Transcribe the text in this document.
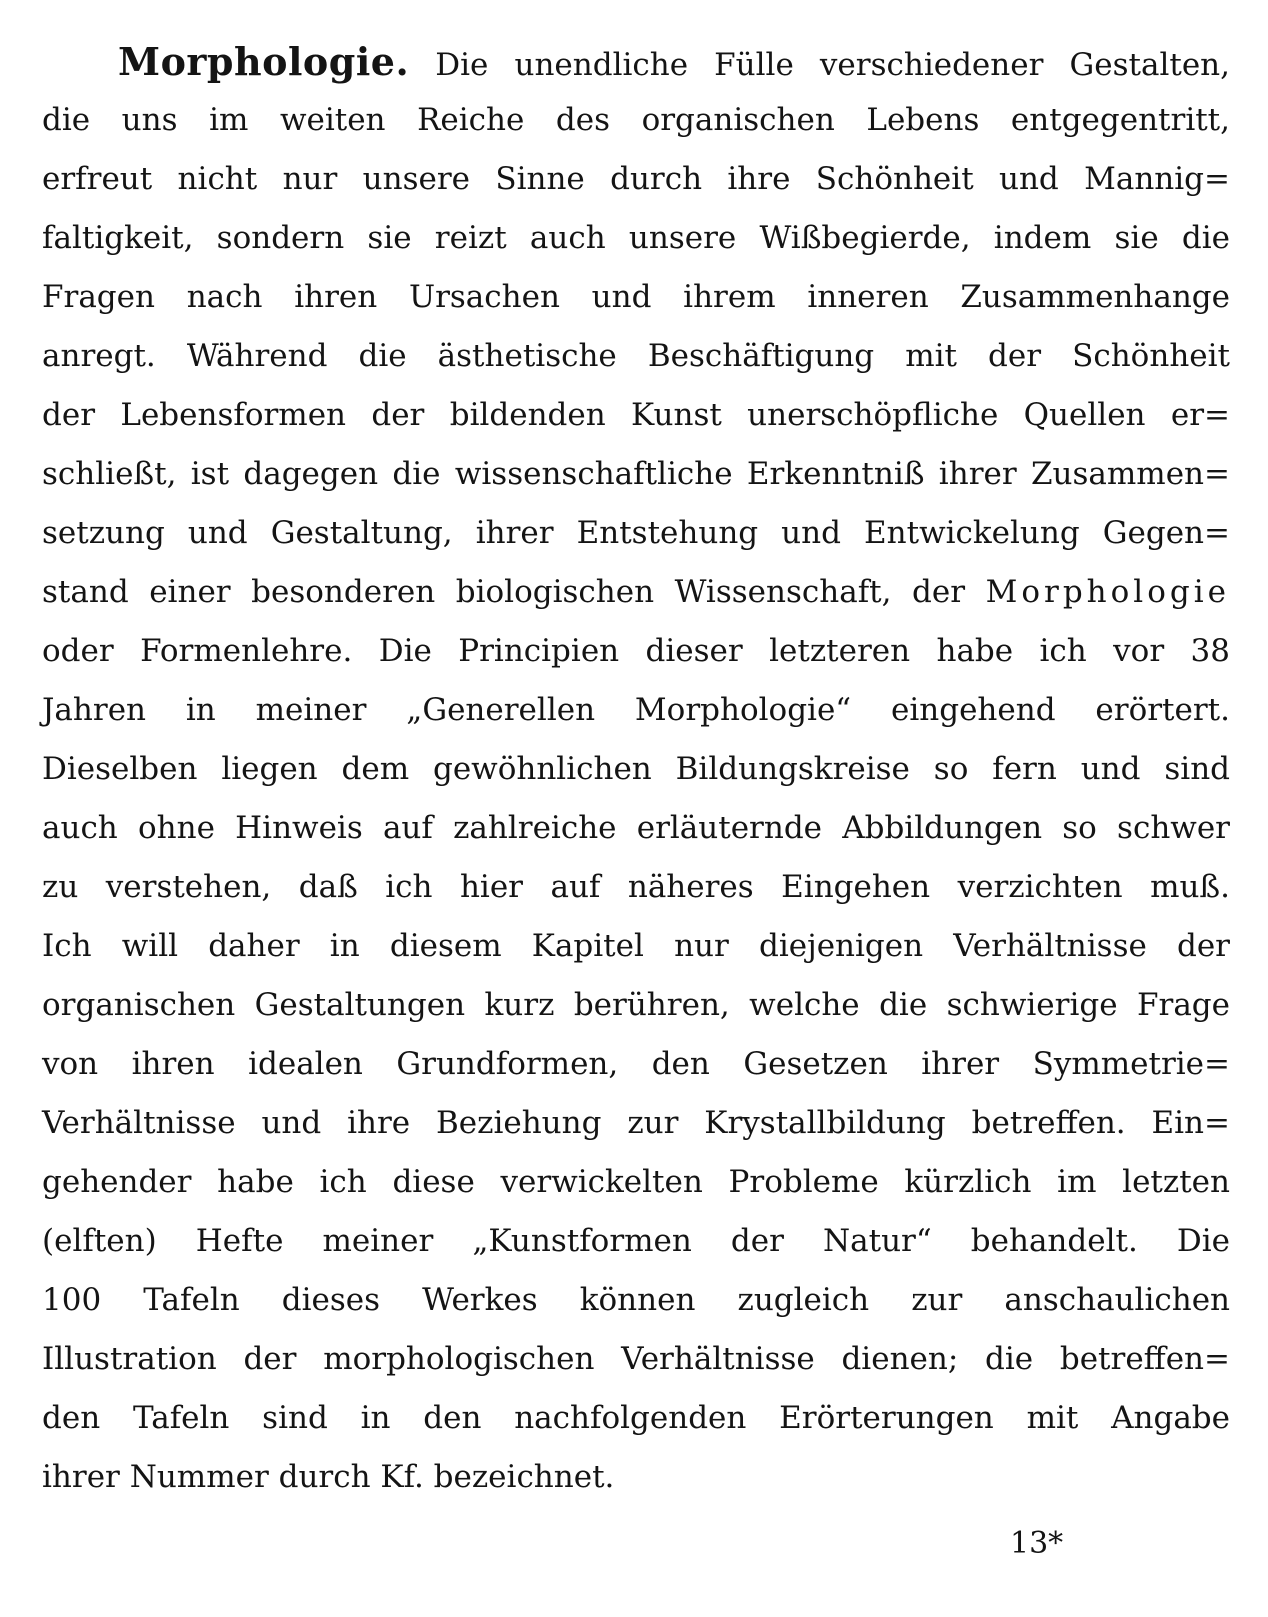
Morphologie. Die unendliche Fülle verschiedener Gestalten,
die uns im weiten Reiche des organischen Lebens entgegentritt,
erfreut nicht nur unsere Sinne durch ihre Schönheit und Mannig=
faltigkeit, sondern sie reizt auch unsere Wißbegierde, indem sie die
Fragen nach ihren Ursachen und ihrem inneren Zusammenhange
anregt. Während die ästhetische Beschäftigung mit der Schönheit
der Lebensformen der bildenden Kunst unerschöpfliche Quellen er=
schließt, ist dagegen die wissenschaftliche Erkenntniß ihrer Zusammen=
setzung und Gestaltung, ihrer Entstehung und Entwickelung Gegen=
stand einer besonderen biologischen Wissenschaft, der Morphologie
oder Formenlehre. Die Principien dieser letzteren habe ich vor 38
Jahren in meiner „Generellen Morphologie“ eingehend erörtert.
Dieselben liegen dem gewöhnlichen Bildungskreise so fern und sind
auch ohne Hinweis auf zahlreiche erläuternde Abbildungen so schwer
zu verstehen, daß ich hier auf näheres Eingehen verzichten muß.
Ich will daher in diesem Kapitel nur diejenigen Verhältnisse der
organischen Gestaltungen kurz berühren, welche die schwierige Frage
von ihren idealen Grundformen, den Gesetzen ihrer Symmetrie=
Verhältnisse und ihre Beziehung zur Krystallbildung betreffen. Ein=
gehender habe ich diese verwickelten Probleme kürzlich im letzten
(elften) Hefte meiner „Kunstformen der Natur“ behandelt. Die
100 Tafeln dieses Werkes können zugleich zur anschaulichen
Illustration der morphologischen Verhältnisse dienen; die betreffen=
den Tafeln sind in den nachfolgenden Erörterungen mit Angabe
ihrer Nummer durch Kf. bezeichnet.
13*
